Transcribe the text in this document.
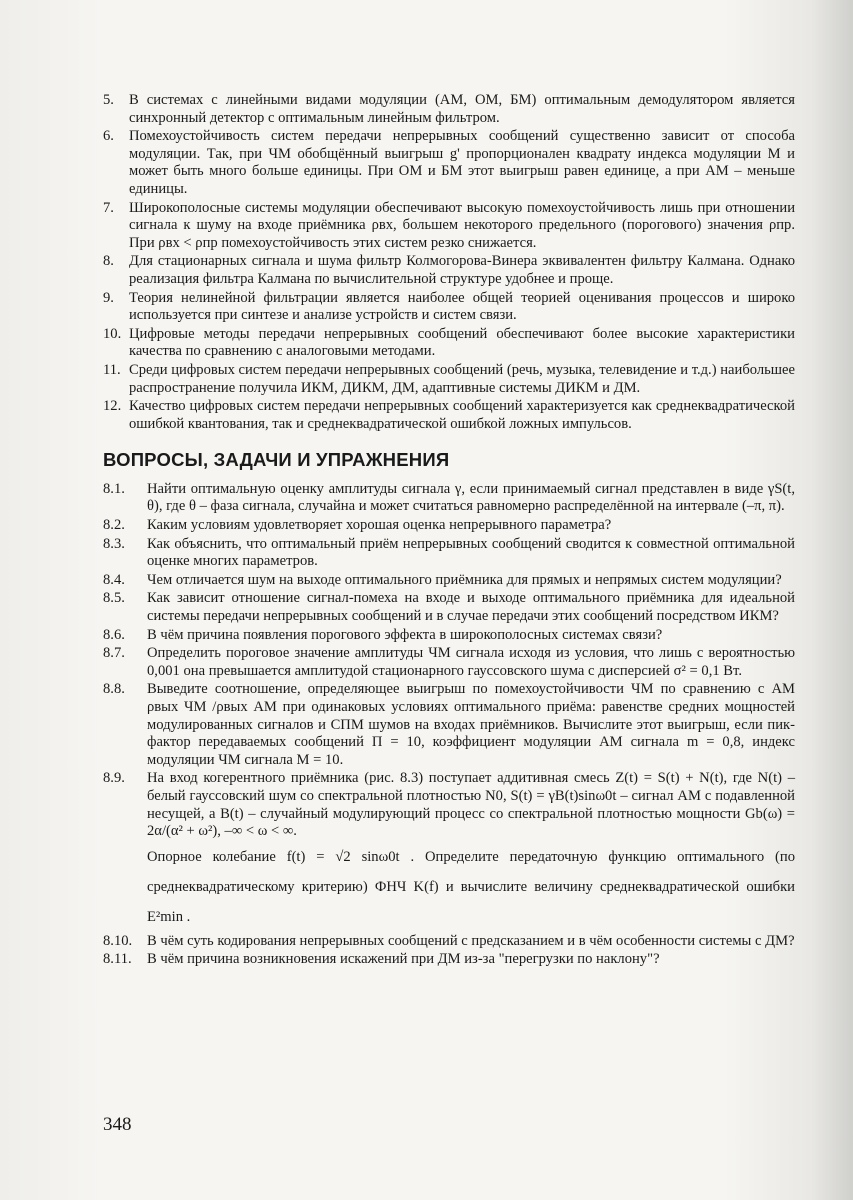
5. В системах с линейными видами модуляции (АМ, ОМ, БМ) оптимальным демодулятором является синхронный детектор с оптимальным линейным фильтром.
6. Помехоустойчивость систем передачи непрерывных сообщений существенно зависит от способа модуляции. Так, при ЧМ обобщённый выигрыш g' пропорционален квадрату индекса модуляции М и может быть много больше единицы. При ОМ и БМ этот выигрыш равен единице, а при АМ – меньше единицы.
7. Широкополосные системы модуляции обеспечивают высокую помехоустойчивость лишь при отношении сигнала к шуму на входе приёмника ρвх, большем некоторого предельного (порогового) значения ρпр. При ρвх < ρпр помехоустойчивость этих систем резко снижается.
8. Для стационарных сигнала и шума фильтр Колмогорова-Винера эквивалентен фильтру Калмана. Однако реализация фильтра Калмана по вычислительной структуре удобнее и проще.
9. Теория нелинейной фильтрации является наиболее общей теорией оценивания процессов и широко используется при синтезе и анализе устройств и систем связи.
10. Цифровые методы передачи непрерывных сообщений обеспечивают более высокие характеристики качества по сравнению с аналоговыми методами.
11. Среди цифровых систем передачи непрерывных сообщений (речь, музыка, телевидение и т.д.) наибольшее распространение получила ИКМ, ДИКМ, ДМ, адаптивные системы ДИКМ и ДМ.
12. Качество цифровых систем передачи непрерывных сообщений характеризуется как среднеквадратической ошибкой квантования, так и среднеквадратической ошибкой ложных импульсов.
ВОПРОСЫ, ЗАДАЧИ И УПРАЖНЕНИЯ
8.1. Найти оптимальную оценку амплитуды сигнала γ, если принимаемый сигнал представлен в виде γS(t, θ), где θ – фаза сигнала, случайна и может считаться равномерно распределённой на интервале (–π, π).
8.2. Каким условиям удовлетворяет хорошая оценка непрерывного параметра?
8.3. Как объяснить, что оптимальный приём непрерывных сообщений сводится к совместной оптимальной оценке многих параметров.
8.4. Чем отличается шум на выходе оптимального приёмника для прямых и непрямых систем модуляции?
8.5. Как зависит отношение сигнал-помеха на входе и выходе оптимального приёмника для идеальной системы передачи непрерывных сообщений и в случае передачи этих сообщений посредством ИКМ?
8.6. В чём причина появления порогового эффекта в широкополосных системах связи?
8.7. Определить пороговое значение амплитуды ЧМ сигнала исходя из условия, что лишь с вероятностью 0,001 она превышается амплитудой стационарного гауссовского шума с дисперсией σ² = 0,1 Вт.
8.8. Выведите соотношение, определяющее выигрыш по помехоустойчивости ЧМ по сравнению с АМ ρвых ЧМ /ρвых АМ при одинаковых условиях оптимального приёма: равенстве средних мощностей модулированных сигналов и СПМ шумов на входах приёмников. Вычислите этот выигрыш, если пик-фактор передаваемых сообщений П = 10, коэффициент модуляции АМ сигнала m = 0,8, индекс модуляции ЧМ сигнала M = 10.
8.9. На вход когерентного приёмника (рис. 8.3) поступает аддитивная смесь Z(t) = S(t) + N(t), где N(t) – белый гауссовский шум со спектральной плотностью N0, S(t) = γB(t)sinω0t – сигнал АМ с подавленной несущей, а B(t) – случайный модулирующий процесс со спектральной плотностью мощности Gb(ω) = 2α/(α² + ω²), –∞ < ω < ∞.
Опорное колебание f(t) = √2 sinω0t . Определите передаточную функцию оптимального (по среднеквадратическому критерию) ФНЧ K(f) и вычислите величину среднеквадратической ошибки E²min .
8.10. В чём суть кодирования непрерывных сообщений с предсказанием и в чём особенности системы с ДМ?
8.11. В чём причина возникновения искажений при ДМ из-за "перегрузки по наклону"?
348
